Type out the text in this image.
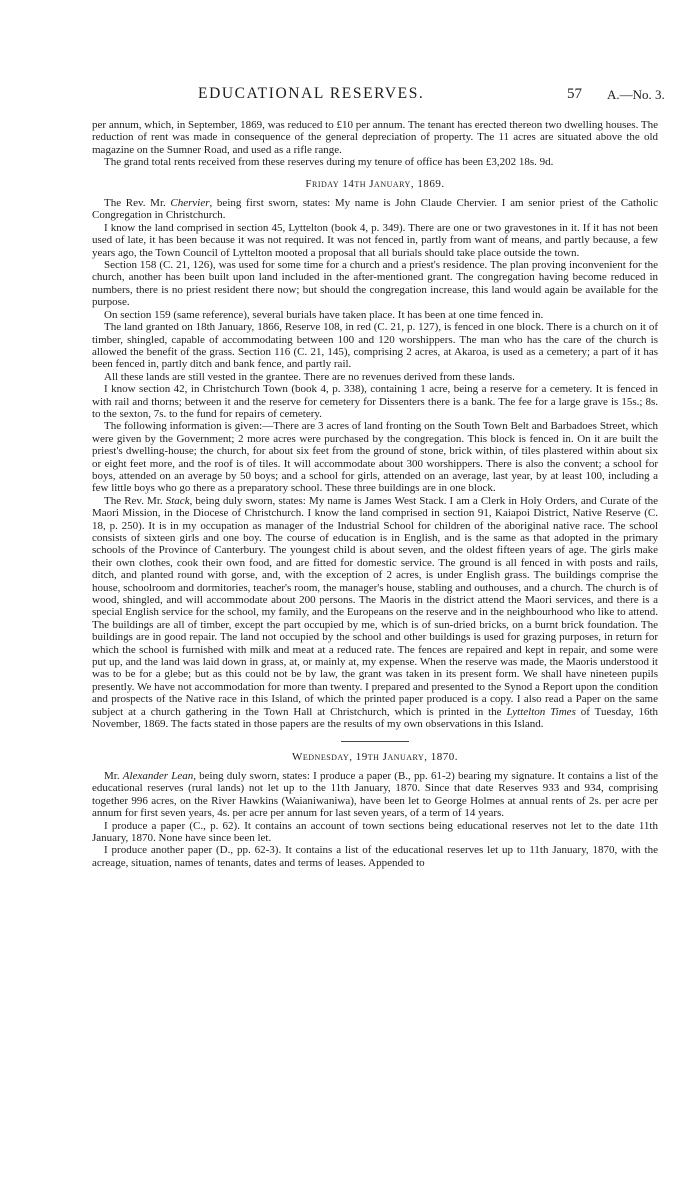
EDUCATIONAL RESERVES.	57 A.—No. 3.

per annum, which, in September, 1869, was reduced to £10 per annum. The tenant has erected thereon two dwelling houses. The reduction of rent was made in consequence of the general depreciation of property. The 11 acres are situated above the old magazine on the Sumner Road, and used as a rifle range.

The grand total rents received from these reserves during my tenure of office has been £3,202 18s. 9d.

Friday 14th January, 1869.

The Rev. Mr. Chervier, being first sworn, states: My name is John Claude Chervier. I am senior priest of the Catholic Congregation in Christchurch.

I know the land comprised in section 45, Lyttelton (book 4, p. 349). There are one or two gravestones in it. If it has not been used of late, it has been because it was not required. It was not fenced in, partly from want of means, and partly because, a few years ago, the Town Council of Lyttelton mooted a proposal that all burials should take place outside the town.

Section 158 (C. 21, 126), was used for some time for a church and a priest's residence. The plan proving inconvenient for the church, another has been built upon land included in the after-mentioned grant. The congregation having become reduced in numbers, there is no priest resident there now; but should the congregation increase, this land would again be available for the purpose.

On section 159 (same reference), several burials have taken place. It has been at one time fenced in.

The land granted on 18th January, 1866, Reserve 108, in red (C. 21, p. 127), is fenced in one block. There is a church on it of timber, shingled, capable of accommodating between 100 and 120 worshippers. The man who has the care of the church is allowed the benefit of the grass. Section 116 (C. 21, 145), comprising 2 acres, at Akaroa, is used as a cemetery; a part of it has been fenced in, partly ditch and bank fence, and partly rail.

All these lands are still vested in the grantee. There are no revenues derived from these lands.

I know section 42, in Christchurch Town (book 4, p. 338), containing 1 acre, being a reserve for a cemetery. It is fenced in with rail and thorns; between it and the reserve for cemetery for Dissenters there is a bank. The fee for a large grave is 15s.; 8s. to the sexton, 7s. to the fund for repairs of cemetery.

The following information is given:—There are 3 acres of land fronting on the South Town Belt and Barbadoes Street, which were given by the Government; 2 more acres were purchased by the congregation. This block is fenced in. On it are built the priest's dwelling-house; the church, for about six feet from the ground of stone, brick within, of tiles plastered within about six or eight feet more, and the roof is of tiles. It will accommodate about 300 worshippers. There is also the convent; a school for boys, attended on an average by 50 boys; and a school for girls, attended on an average, last year, by at least 100, including a few little boys who go there as a preparatory school. These three buildings are in one block.

The Rev. Mr. Stack, being duly sworn, states: My name is James West Stack. I am a Clerk in Holy Orders, and Curate of the Maori Mission, in the Diocese of Christchurch. I know the land comprised in section 91, Kaiapoi District, Native Reserve (C. 18, p. 250). It is in my occupation as manager of the Industrial School for children of the aboriginal native race. The school consists of sixteen girls and one boy. The course of education is in English, and is the same as that adopted in the primary schools of the Province of Canterbury. The youngest child is about seven, and the oldest fifteen years of age. The girls make their own clothes, cook their own food, and are fitted for domestic service. The ground is all fenced in with posts and rails, ditch, and planted round with gorse, and, with the exception of 2 acres, is under English grass. The buildings comprise the house, schoolroom and dormitories, teacher's room, the manager's house, stabling and outhouses, and a church. The church is of wood, shingled, and will accommodate about 200 persons. The Maoris in the district attend the Maori services, and there is a special English service for the school, my family, and the Europeans on the reserve and in the neighbourhood who like to attend. The buildings are all of timber, except the part occupied by me, which is of sun-dried bricks, on a burnt brick foundation. The buildings are in good repair. The land not occupied by the school and other buildings is used for grazing purposes, in return for which the school is furnished with milk and meat at a reduced rate. The fences are repaired and kept in repair, and some were put up, and the land was laid down in grass, at, or mainly at, my expense. When the reserve was made, the Maoris understood it was to be for a glebe; but as this could not be by law, the grant was taken in its present form. We shall have nineteen pupils presently. We have not accommodation for more than twenty. I prepared and presented to the Synod a Report upon the condition and prospects of the Native race in this Island, of which the printed paper produced is a copy. I also read a Paper on the same subject at a church gathering in the Town Hall at Christchurch, which is printed in the Lyttelton Times of Tuesday, 16th November, 1869. The facts stated in those papers are the results of my own observations in this Island.

Wednesday, 19th January, 1870.

Mr. Alexander Lean, being duly sworn, states: I produce a paper (B., pp. 61-2) bearing my signature. It contains a list of the educational reserves (rural lands) not let up to the 11th January, 1870. Since that date Reserves 933 and 934, comprising together 996 acres, on the River Hawkins (Waianiwaniwa), have been let to George Holmes at annual rents of 2s. per acre per annum for first seven years, 4s. per acre per annum for last seven years, of a term of 14 years.

I produce a paper (C., p. 62). It contains an account of town sections being educational reserves not let to the date 11th January, 1870. None have since been let.

I produce another paper (D., pp. 62-3). It contains a list of the educational reserves let up to 11th January, 1870, with the acreage, situation, names of tenants, dates and terms of leases. Appended to
